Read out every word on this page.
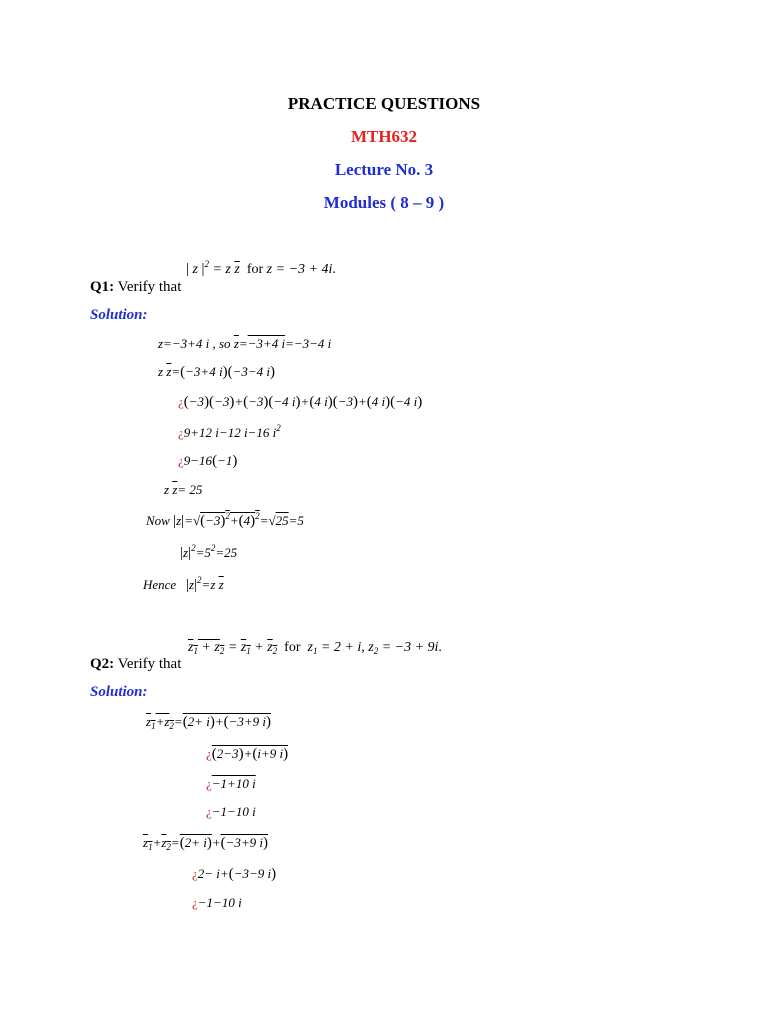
PRACTICE QUESTIONS
MTH632
Lecture No. 3
Modules ( 8 – 9 )
| z $|^2 = z$ $\overline{z}$ for z = −3 + 4i.
Q1: Verify that
Solution:
z=−3+4 i , so $\overline{z}=-3+4$ i=−3−4 i
z $\overline{z}=(-3+4$ i)(−3−4 i)
¿(−3)(−3)+(−3)(−4 i)+(4 i)(−3)+(4 i)(−4 i)
¿9+12 i−12 i−16 $i^2$
¿9−16(−1)
z $\overline{z}= 25$
Now $|z|=√(-3)^2+(4)^2=√25=5$
$|z|^2=5^2=25$
Hence $|z|^2=z$ $\overline{z}$
$z_1 + z_2 = z_1 + z_2$ for  $z_1 = 2 + i$, $z_2 = -3 + 9i$.
Q2: Verify that
Solution:
$z_1+z_2=(2+ i)+(-3+9$ i)
¿(2−3)+(i+9 i)
¿−1+10 i
¿−1−10 i
$z_1+z_2=(2+ i)+(-3+9$ i)
¿2− i+(−3−9 i)
¿−1−10 i
